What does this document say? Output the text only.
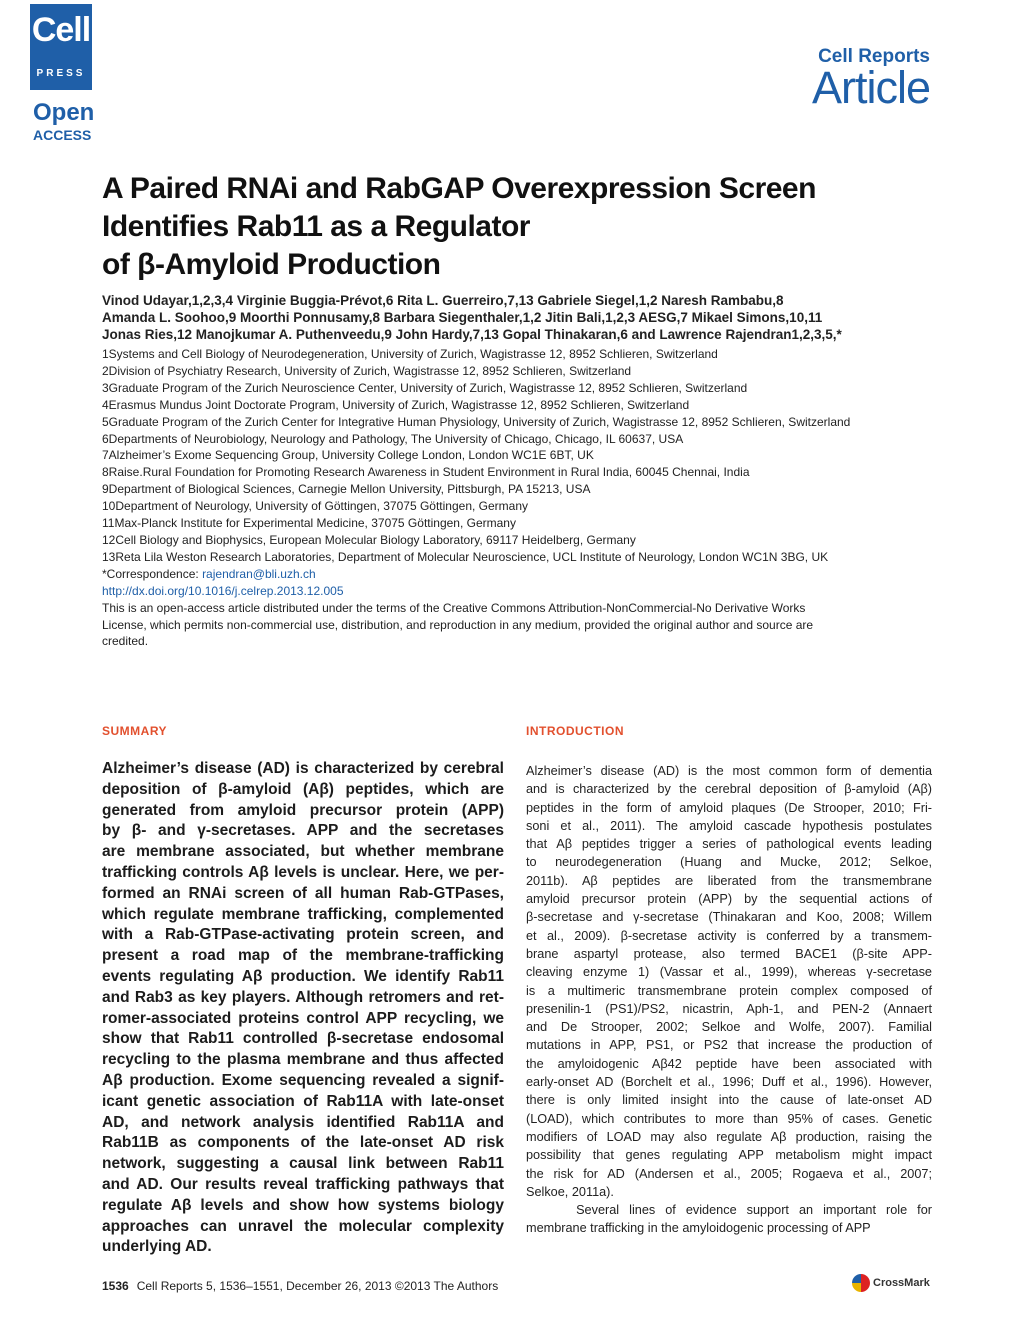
Cell
PRESS
Open
ACCESS
Cell Reports
Article
A Paired RNAi and RabGAP Overexpression Screen
Identifies Rab11 as a Regulator
of β-Amyloid Production
Vinod Udayar,1,2,3,4 Virginie Buggia-Prévot,6 Rita L. Guerreiro,7,13 Gabriele Siegel,1,2 Naresh Rambabu,8
Amanda L. Soohoo,9 Moorthi Ponnusamy,8 Barbara Siegenthaler,1,2 Jitin Bali,1,2,3 AESG,7 Mikael Simons,10,11
Jonas Ries,12 Manojkumar A. Puthenveedu,9 John Hardy,7,13 Gopal Thinakaran,6 and Lawrence Rajendran1,2,3,5,*
1Systems and Cell Biology of Neurodegeneration, University of Zurich, Wagistrasse 12, 8952 Schlieren, Switzerland
2Division of Psychiatry Research, University of Zurich, Wagistrasse 12, 8952 Schlieren, Switzerland
3Graduate Program of the Zurich Neuroscience Center, University of Zurich, Wagistrasse 12, 8952 Schlieren, Switzerland
4Erasmus Mundus Joint Doctorate Program, University of Zurich, Wagistrasse 12, 8952 Schlieren, Switzerland
5Graduate Program of the Zurich Center for Integrative Human Physiology, University of Zurich, Wagistrasse 12, 8952 Schlieren, Switzerland
6Departments of Neurobiology, Neurology and Pathology, The University of Chicago, Chicago, IL 60637, USA
7Alzheimer’s Exome Sequencing Group, University College London, London WC1E 6BT, UK
8Raise.Rural Foundation for Promoting Research Awareness in Student Environment in Rural India, 60045 Chennai, India
9Department of Biological Sciences, Carnegie Mellon University, Pittsburgh, PA 15213, USA
10Department of Neurology, University of Göttingen, 37075 Göttingen, Germany
11Max-Planck Institute for Experimental Medicine, 37075 Göttingen, Germany
12Cell Biology and Biophysics, European Molecular Biology Laboratory, 69117 Heidelberg, Germany
13Reta Lila Weston Research Laboratories, Department of Molecular Neuroscience, UCL Institute of Neurology, London WC1N 3BG, UK
*Correspondence: rajendran@bli.uzh.ch
http://dx.doi.org/10.1016/j.celrep.2013.12.005
This is an open-access article distributed under the terms of the Creative Commons Attribution-NonCommercial-No Derivative Works
License, which permits non-commercial use, distribution, and reproduction in any medium, provided the original author and source are
credited.
SUMMARY	INTRODUCTION
Alzheimer’s disease (AD) is characterized by cerebral
deposition of β-amyloid (Aβ) peptides, which are
generated from amyloid precursor protein (APP)
by β- and γ-secretases. APP and the secretases
are membrane associated, but whether membrane
trafficking controls Aβ levels is unclear. Here, we per-
formed an RNAi screen of all human Rab-GTPases,
which regulate membrane trafficking, complemented
with a Rab-GTPase-activating protein screen, and
present a road map of the membrane-trafficking
events regulating Aβ production. We identify Rab11
and Rab3 as key players. Although retromers and ret-
romer-associated proteins control APP recycling, we
show that Rab11 controlled β-secretase endosomal
recycling to the plasma membrane and thus affected
Aβ production. Exome sequencing revealed a signif-
icant genetic association of Rab11A with late-onset
AD, and network analysis identified Rab11A and
Rab11B as components of the late-onset AD risk
network, suggesting a causal link between Rab11
and AD. Our results reveal trafficking pathways that
regulate Aβ levels and show how systems biology
approaches can unravel the molecular complexity
underlying AD.
Alzheimer’s disease (AD) is the most common form of dementia
and is characterized by the cerebral deposition of β-amyloid (Aβ)
peptides in the form of amyloid plaques (De Strooper, 2010; Fri-
soni et al., 2011). The amyloid cascade hypothesis postulates
that Aβ peptides trigger a series of pathological events leading
to neurodegeneration (Huang and Mucke, 2012; Selkoe,
2011b). Aβ peptides are liberated from the transmembrane
amyloid precursor protein (APP) by the sequential actions of
β-secretase and γ-secretase (Thinakaran and Koo, 2008; Willem
et al., 2009). β-secretase activity is conferred by a transmem-
brane aspartyl protease, also termed BACE1 (β-site APP-
cleaving enzyme 1) (Vassar et al., 1999), whereas γ-secretase
is a multimeric transmembrane protein complex composed of
presenilin-1 (PS1)/PS2, nicastrin, Aph-1, and PEN-2 (Annaert
and De Strooper, 2002; Selkoe and Wolfe, 2007). Familial
mutations in APP, PS1, or PS2 that increase the production of
the amyloidogenic Aβ42 peptide have been associated with
early-onset AD (Borchelt et al., 1996; Duff et al., 1996). However,
there is only limited insight into the cause of late-onset AD
(LOAD), which contributes to more than 95% of cases. Genetic
modifiers of LOAD may also regulate Aβ production, raising the
possibility that genes regulating APP metabolism might impact
the risk for AD (Andersen et al., 2005; Rogaeva et al., 2007;
Selkoe, 2011a).
Several lines of evidence support an important role for
membrane trafficking in the amyloidogenic processing of APP
1536 Cell Reports 5, 1536–1551, December 26, 2013 ©2013 The Authors	CrossMark
